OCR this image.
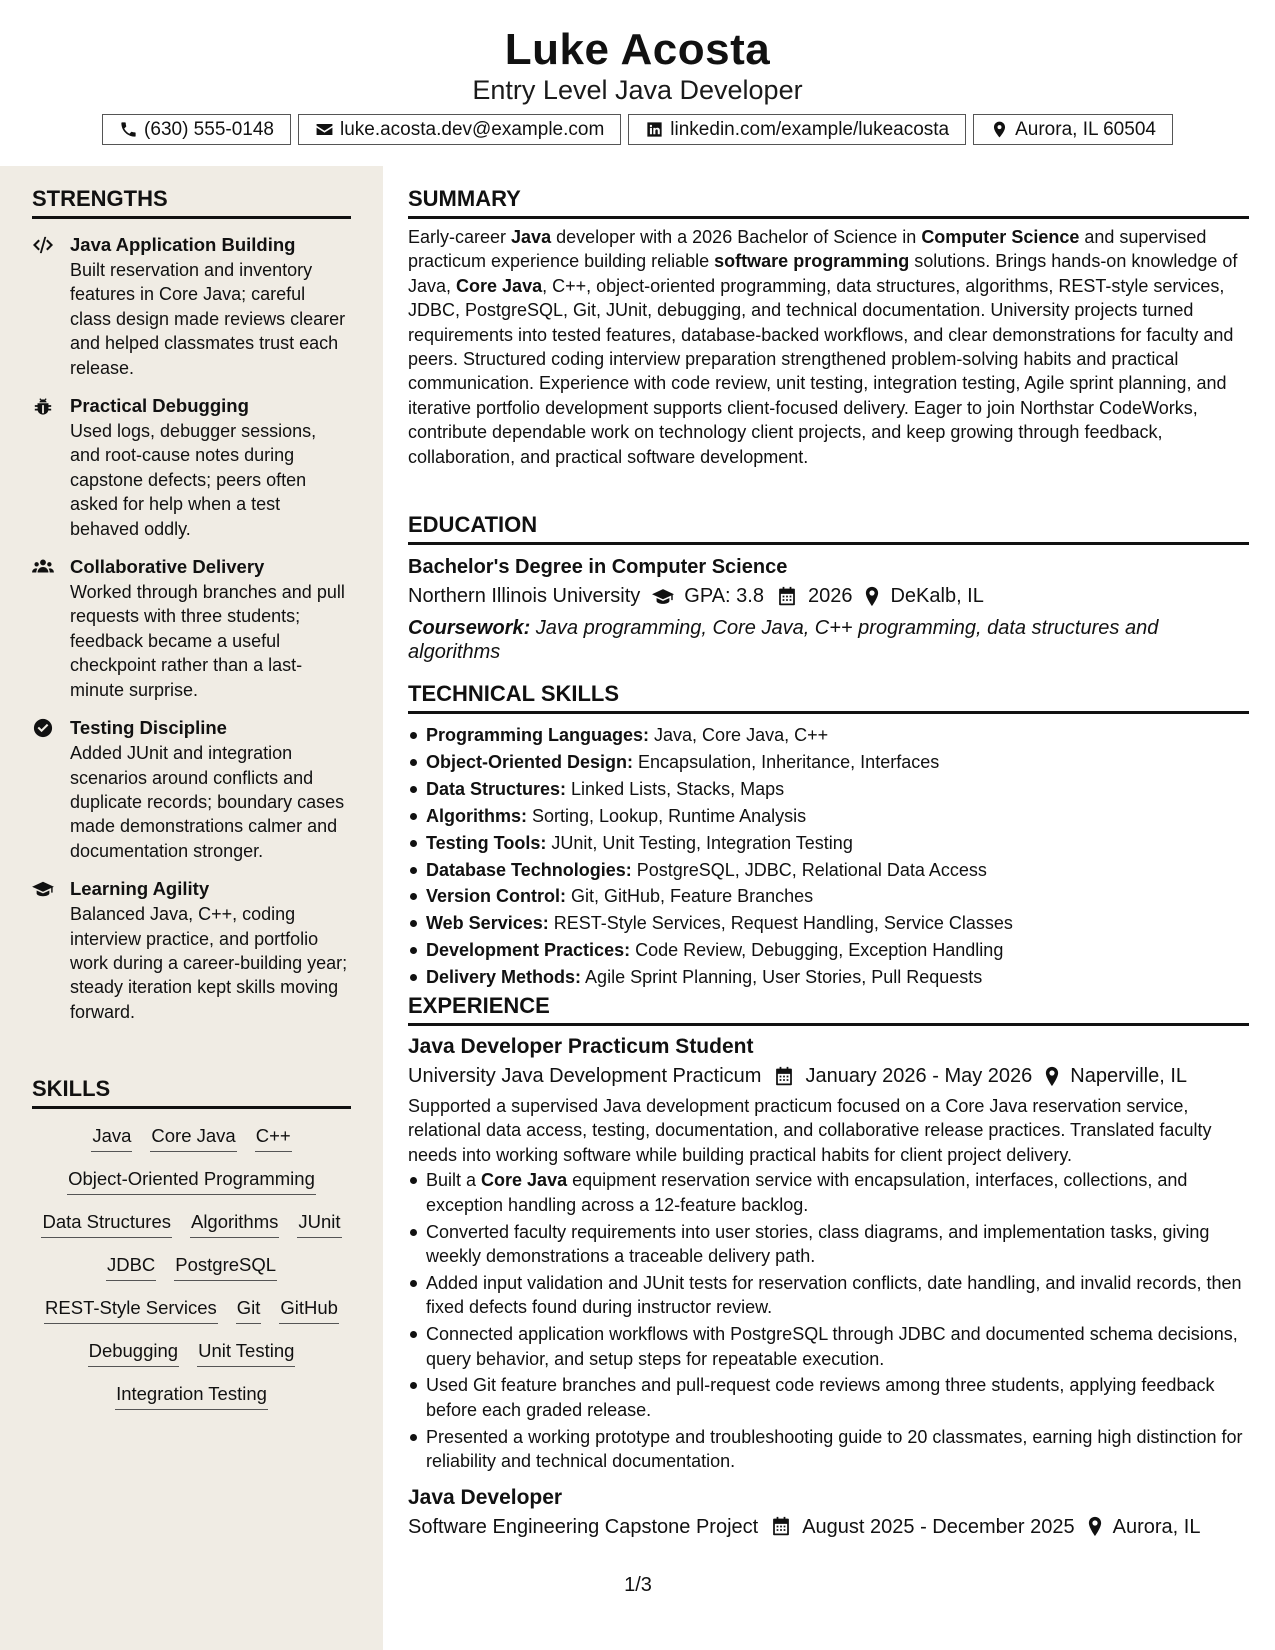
Luke Acosta
Entry Level Java Developer
(630) 555-0148	luke.acosta.dev@example.com	linkedin.com/example/lukeacosta	Aurora, IL 60504
STRENGTHS
Java Application Building
Built reservation and inventory features in Core Java; careful class design made reviews clearer and helped classmates trust each release.
Practical Debugging
Used logs, debugger sessions, and root-cause notes during capstone defects; peers often asked for help when a test behaved oddly.
Collaborative Delivery
Worked through branches and pull requests with three students; feedback became a useful checkpoint rather than a last-minute surprise.
Testing Discipline
Added JUnit and integration scenarios around conflicts and duplicate records; boundary cases made demonstrations calmer and documentation stronger.
Learning Agility
Balanced Java, C++, coding interview practice, and portfolio work during a career-building year; steady iteration kept skills moving forward.
SKILLS
Java Core Java C++
Object-Oriented Programming
Data Structures Algorithms JUnit
JDBC PostgreSQL
REST-Style Services Git GitHub
Debugging Unit Testing
Integration Testing
SUMMARY

Early-career Java developer with a 2026 Bachelor of Science in Computer Science and supervised practicum experience building reliable software programming solutions. Brings hands-on knowledge of Java, Core Java, C++, object-oriented programming, data structures, algorithms, REST-style services, JDBC, PostgreSQL, Git, JUnit, debugging, and technical documentation. University projects turned requirements into tested features, database-backed workflows, and clear demonstrations for faculty and peers. Structured coding interview preparation strengthened problem-solving habits and practical communication. Experience with code review, unit testing, integration testing, Agile sprint planning, and iterative portfolio development supports client-focused delivery. Eager to join Northstar CodeWorks, contribute dependable work on technology client projects, and keep growing through feedback, collaboration, and practical software development.

EDUCATION
Bachelor's Degree in Computer Science
Northern Illinois University GPA: 3.8 2026 DeKalb, IL

Coursework: Java programming, Core Java, C++ programming, data structures and algorithms

TECHNICAL SKILLS
Programming Languages: Java, Core Java, C++
Object-Oriented Design: Encapsulation, Inheritance, Interfaces
Data Structures: Linked Lists, Stacks, Maps
Algorithms: Sorting, Lookup, Runtime Analysis
Testing Tools: JUnit, Unit Testing, Integration Testing
Database Technologies: PostgreSQL, JDBC, Relational Data Access
Version Control: Git, GitHub, Feature Branches
Web Services: REST-Style Services, Request Handling, Service Classes
Development Practices: Code Review, Debugging, Exception Handling
Delivery Methods: Agile Sprint Planning, User Stories, Pull Requests
EXPERIENCE
Java Developer Practicum Student
University Java Development Practicum January 2026 - May 2026 Naperville, IL

Supported a supervised Java development practicum focused on a Core Java reservation service, relational data access, testing, documentation, and collaborative release practices. Translated faculty needs into working software while building practical habits for client project delivery.

Built a Core Java equipment reservation service with encapsulation, interfaces, collections, and exception handling across a 12-feature backlog.
Converted faculty requirements into user stories, class diagrams, and implementation tasks, giving weekly demonstrations a traceable delivery path.
Added input validation and JUnit tests for reservation conflicts, date handling, and invalid records, then fixed defects found during instructor review.
Connected application workflows with PostgreSQL through JDBC and documented schema decisions, query behavior, and setup steps for repeatable execution.
Used Git feature branches and pull-request code reviews among three students, applying feedback before each graded release.
Presented a working prototype and troubleshooting guide to 20 classmates, earning high distinction for reliability and technical documentation.
Java Developer
Software Engineering Capstone Project August 2025 - December 2025 Aurora, IL
1/3
